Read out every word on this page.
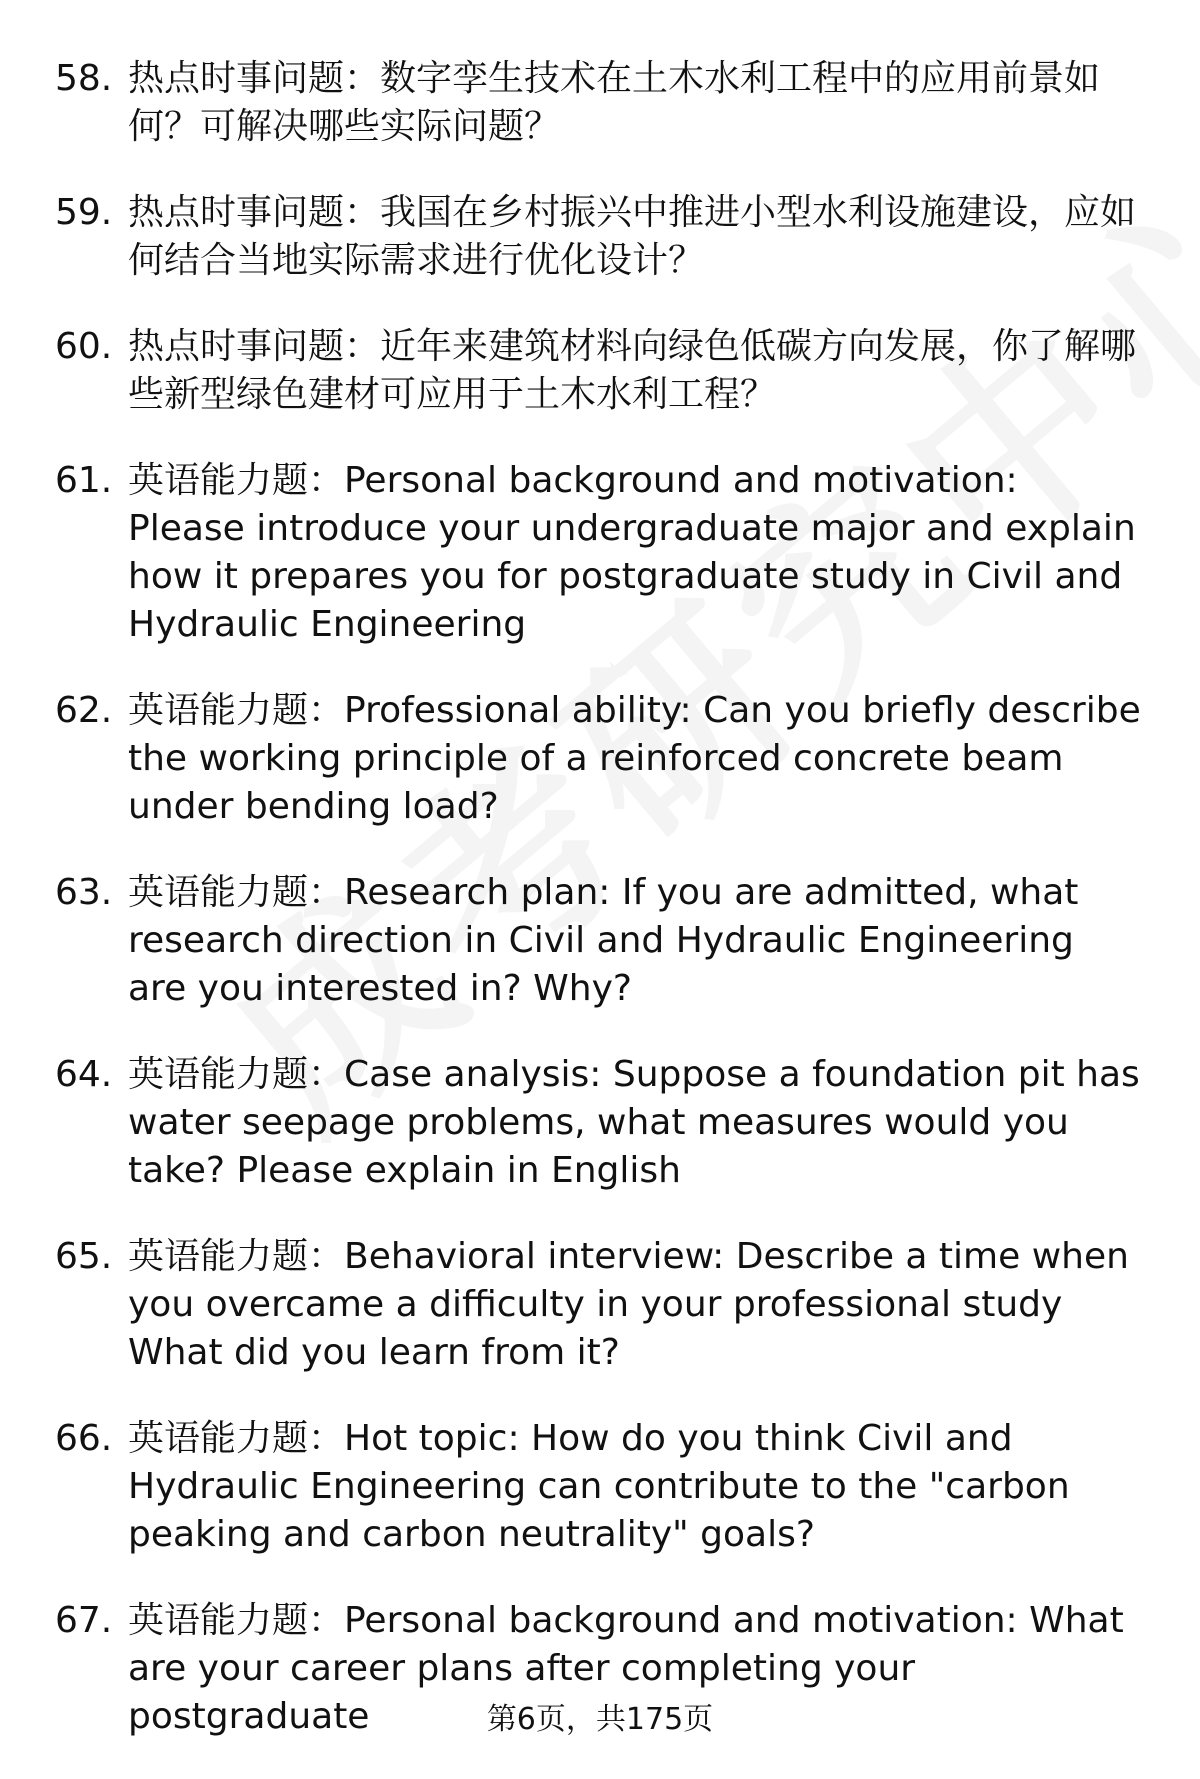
58. 热点时事问题：数字孪生技术在土木水利工程中的应用前景如何？可解决哪些实际问题？
59. 热点时事问题：我国在乡村振兴中推进小型水利设施建设，应如何结合当地实际需求进行优化设计？
60. 热点时事问题：近年来建筑材料向绿色低碳方向发展，你了解哪些新型绿色建材可应用于土木水利工程？
61. 英语能力题：Personal background and motivation: Please introduce your undergraduate major and explain how it prepares you for postgraduate study in Civil and Hydraulic Engineering
62. 英语能力题：Professional ability: Can you briefly describe the working principle of a reinforced concrete beam under bending load?
63. 英语能力题：Research plan: If you are admitted, what research direction in Civil and Hydraulic Engineering are you interested in? Why?
64. 英语能力题：Case analysis: Suppose a foundation pit has water seepage problems, what measures would you take? Please explain in English
65. 英语能力题：Behavioral interview: Describe a time when you overcame a difficulty in your professional study What did you learn from it?
66. 英语能力题：Hot topic: How do you think Civil and Hydraulic Engineering can contribute to the "carbon peaking and carbon neutrality" goals?
67. 英语能力题：Personal background and motivation: What are your career plans after completing your postgraduate	第6页，共175页
